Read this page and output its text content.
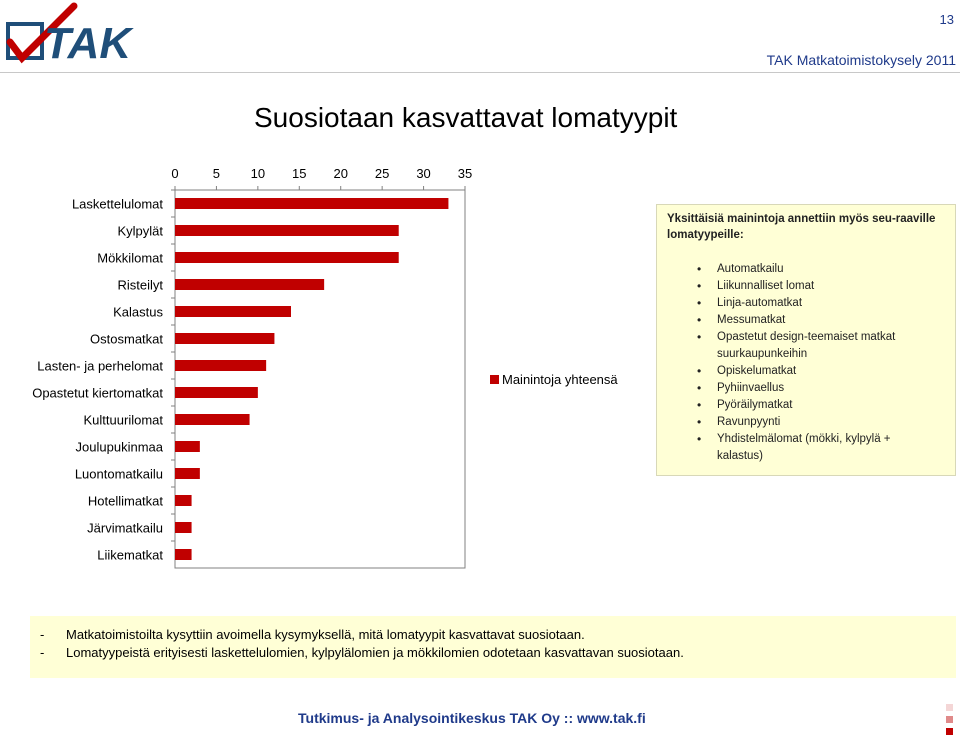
TAK	13
TAK Matkatoimistokysely 2011
Suosiotaan kasvattavat lomatyypit
0	5 10 15 20 25 30 35
Laskettelulomat
Kylpylät
Mökkilomat
Risteilyt
Kalastus
Ostosmatkat
Lasten- ja perhelomat
Opastetut kiertomatkat
Kulttuurilomat
Joulupukinmaa
Luontomatkailu
Hotellimatkat
Järvimatkailu
Liikematkat
Mainintoja yhteensä
Yksittäisiä mainintoja annettiin myös seu-raaville lomatyypeille:
• Automatkailu
• Liikunnalliset lomat
• Linja-automatkat
• Messumatkat
• Opastetut design-teemaiset matkat suurkaupunkeihin
• Opiskelumatkat
• Pyhiinvaellus
• Pyöräilymatkat
• Ravunpyynti
• Yhdistelmälomat (mökki, kylpylä + kalastus)
- Matkatoimistoilta kysyttiin avoimella kysymyksellä, mitä lomatyypit kasvattavat suosiotaan.
- Lomatyypeistä erityisesti laskettelulomien, kylpylälomien ja mökkilomien odotetaan kasvattavan suosiotaan.
Tutkimus- ja Analysointikeskus TAK Oy :: www.tak.fi
